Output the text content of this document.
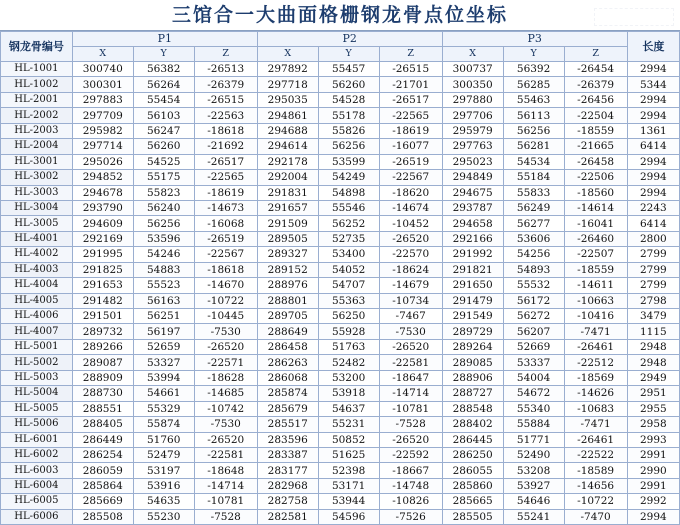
三馆合一大曲面格栅钢龙骨点位坐标
钢龙骨编号	P1			P2			P3			长度
	X	Y	Z	X	Y	Z	X	Y	Z	
HL-1001	300740	56382	-26513	297892	55457	-26515	300737	56392	-26454	2994
HL-1002	300301	56264	-26379	297718	56260	-21701	300350	56285	-26379	5344
HL-2001	297883	55454	-26515	295035	54528	-26517	297880	55463	-26456	2994
HL-2002	297709	56103	-22563	294861	55178	-22565	297706	56113	-22504	2994
HL-2003	295982	56247	-18618	294688	55826	-18619	295979	56256	-18559	1361
HL-2004	297714	56260	-21692	294614	56256	-16077	297763	56281	-21665	6414
HL-3001	295026	54525	-26517	292178	53599	-26519	295023	54534	-26458	2994
HL-3002	294852	55175	-22565	292004	54249	-22567	294849	55184	-22506	2994
HL-3003	294678	55823	-18619	291831	54898	-18620	294675	55833	-18560	2994
HL-3004	293790	56240	-14673	291657	55546	-14674	293787	56249	-14614	2243
HL-3005	294609	56256	-16068	291509	56252	-10452	294658	56277	-16041	6414
HL-4001	292169	53596	-26519	289505	52735	-26520	292166	53606	-26460	2800
HL-4002	291995	54246	-22567	289327	53400	-22570	291992	54256	-22507	2799
HL-4003	291825	54883	-18618	289152	54052	-18624	291821	54893	-18559	2799
HL-4004	291653	55523	-14670	288976	54707	-14679	291650	55532	-14611	2799
HL-4005	291482	56163	-10722	288801	55363	-10734	291479	56172	-10663	2798
HL-4006	291501	56251	-10445	289705	56250	-7467	291549	56272	-10416	3479
HL-4007	289732	56197	-7530	288649	55928	-7530	289729	56207	-7471	1115
HL-5001	289266	52659	-26520	286458	51763	-26520	289264	52669	-26461	2948
HL-5002	289087	53327	-22571	286263	52482	-22581	289085	53337	-22512	2948
HL-5003	288909	53994	-18628	286068	53200	-18647	288906	54004	-18569	2949
HL-5004	288730	54661	-14685	285874	53918	-14714	288727	54672	-14626	2951
HL-5005	288551	55329	-10742	285679	54637	-10781	288548	55340	-10683	2955
HL-5006	288405	55874	-7530	285517	55231	-7528	288402	55884	-7471	2958
HL-6001	286449	51760	-26520	283596	50852	-26520	286445	51771	-26461	2993
HL-6002	286254	52479	-22581	283387	51625	-22592	286250	52490	-22522	2991
HL-6003	286059	53197	-18648	283177	52398	-18667	286055	53208	-18589	2990
HL-6004	285864	53916	-14714	282968	53171	-14748	285860	53927	-14656	2991
HL-6005	285669	54635	-10781	282758	53944	-10826	285665	54646	-10722	2992
HL-6006	285508	55230	-7528	282581	54596	-7526	285505	55241	-7470	2994
